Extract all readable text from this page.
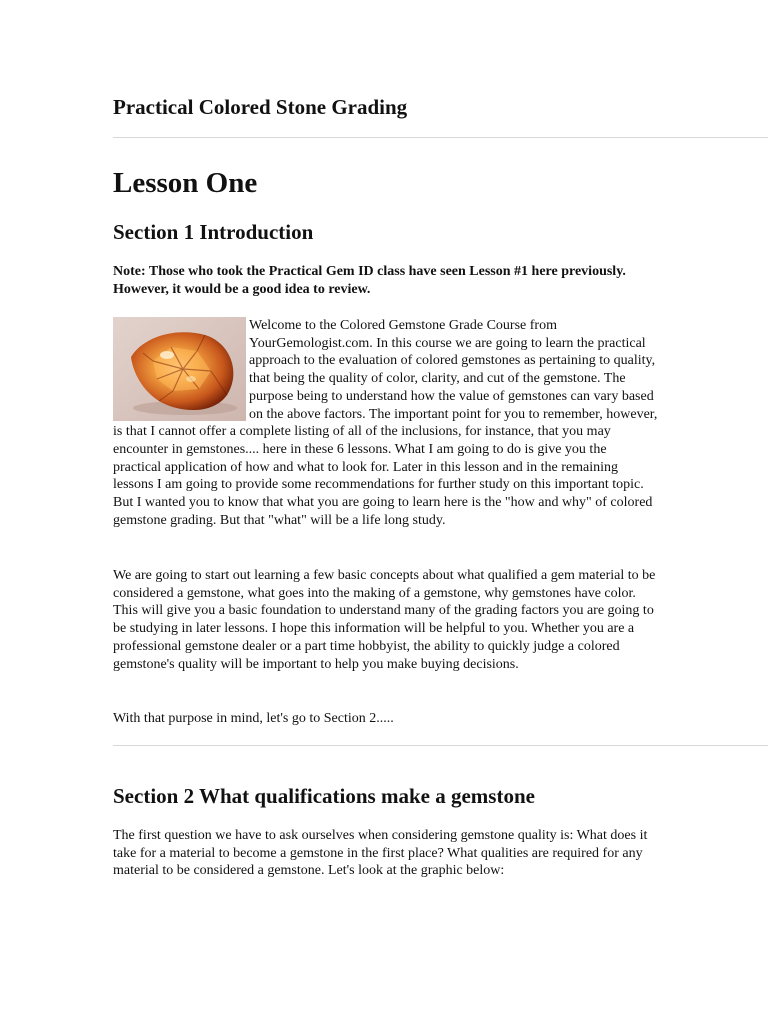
Practical Colored Stone Grading
Lesson One
Section 1 Introduction

Note: Those who took the Practical Gem ID class have seen Lesson #1 here previously. However, it would be a good idea to review.

Welcome to the Colored Gemstone Grade Course from YourGemologist.com. In this course we are going to learn the practical approach to the evaluation of colored gemstones as pertaining to quality, that being the quality of color, clarity, and cut of the gemstone. The purpose being to understand how the value of gemstones can vary based on the above factors. The important point for you to remember, however, is that I cannot offer a complete listing of all of the inclusions, for instance, that you may encounter in gemstones.... here in these 6 lessons. What I am going to do is give you the practical application of how and what to look for. Later in this lesson and in the remaining lessons I am going to provide some recommendations for further study on this important topic. But I wanted you to know that what you are going to learn here is the "how and why" of colored gemstone grading. But that "what" will be a life long study.

We are going to start out learning a few basic concepts about what qualified a gem material to be considered a gemstone, what goes into the making of a gemstone, why gemstones have color. This will give you a basic foundation to understand many of the grading factors you are going to be studying in later lessons. I hope this information will be helpful to you. Whether you are a professional gemstone dealer or a part time hobbyist, the ability to quickly judge a colored gemstone's quality will be important to help you make buying decisions.

With that purpose in mind, let's go to Section 2.....

Section 2 What qualifications make a gemstone

The first question we have to ask ourselves when considering gemstone quality is: What does it take for a material to become a gemstone in the first place? What qualities are required for any material to be considered a gemstone. Let's look at the graphic below:
